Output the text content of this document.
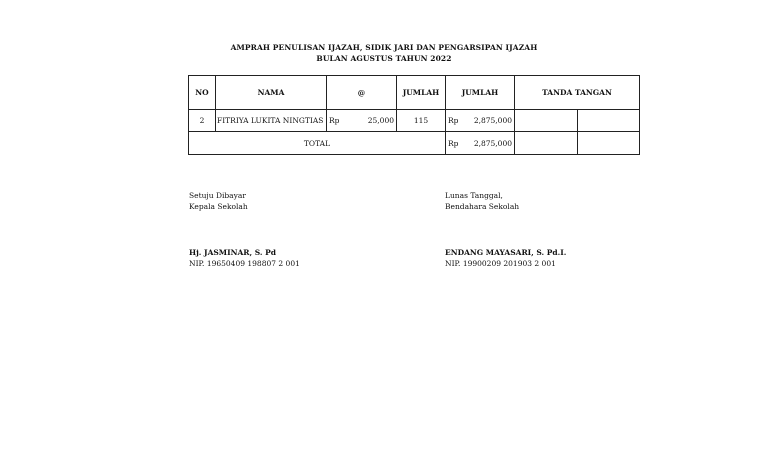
AMPRAH PENULISAN IJAZAH, SIDIK JARI DAN PENGARSIPAN IJAZAH
BULAN AGUSTUS TAHUN 2022
NO	NAMA	@	JUMLAH	JUMLAH	TANDA TANGAN	
2	FITRIYA LUKITA NINGTIAS	Rp 25,000	115	Rp 2,875,000		

TOTAL				Rp 2,875,000		

Setuju Dibayar
Kepala Sekolah
Hj. JASMINAR, S. Pd
NIP. 19650409 198807 2 001
Lunas Tanggal,
Bendahara Sekolah
ENDANG MAYASARI, S. Pd.I.
NIP. 19900209 201903 2 001
